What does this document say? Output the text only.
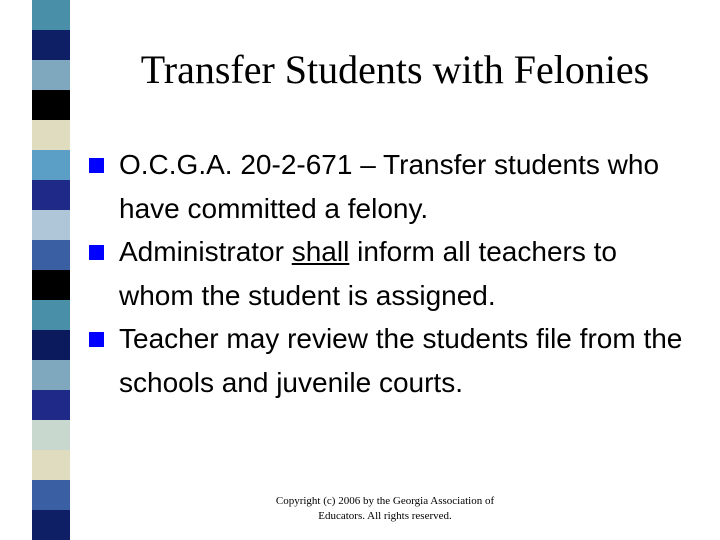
Transfer Students with Felonies
O.C.G.A. 20-2-671 – Transfer students who have committed a felony.
Administrator shall inform all teachers to whom the student is assigned.
Teacher may review the students file from the schools and juvenile courts.
Copyright (c) 2006 by the Georgia Association of
Educators. All rights reserved.
